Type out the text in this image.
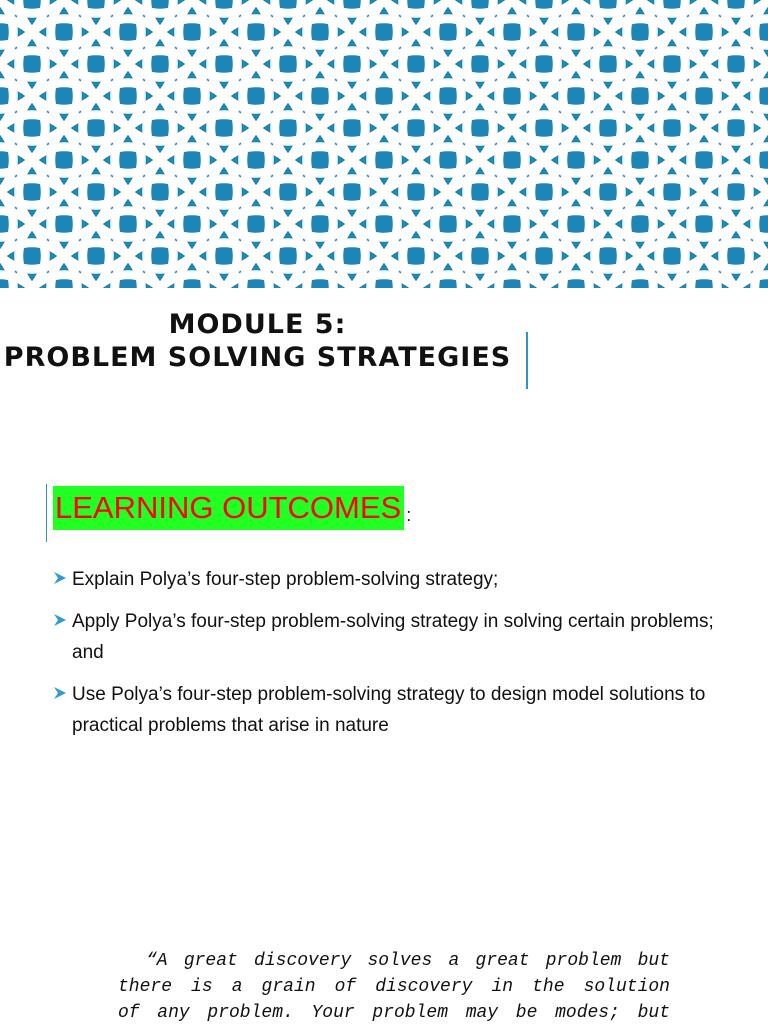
MODULE 5:
PROBLEM SOLVING STRATEGIES
LEARNING OUTCOMES :
Explain Polya’s four-step problem-solving strategy;
Apply Polya’s four-step problem-solving strategy in solving certain problems; and
Use Polya’s four-step problem-solving strategy to design model solutions to practical problems that arise in nature
“A great discovery solves a great problem but
there is a grain of discovery in the solution
of any problem. Your problem may be modes; but
